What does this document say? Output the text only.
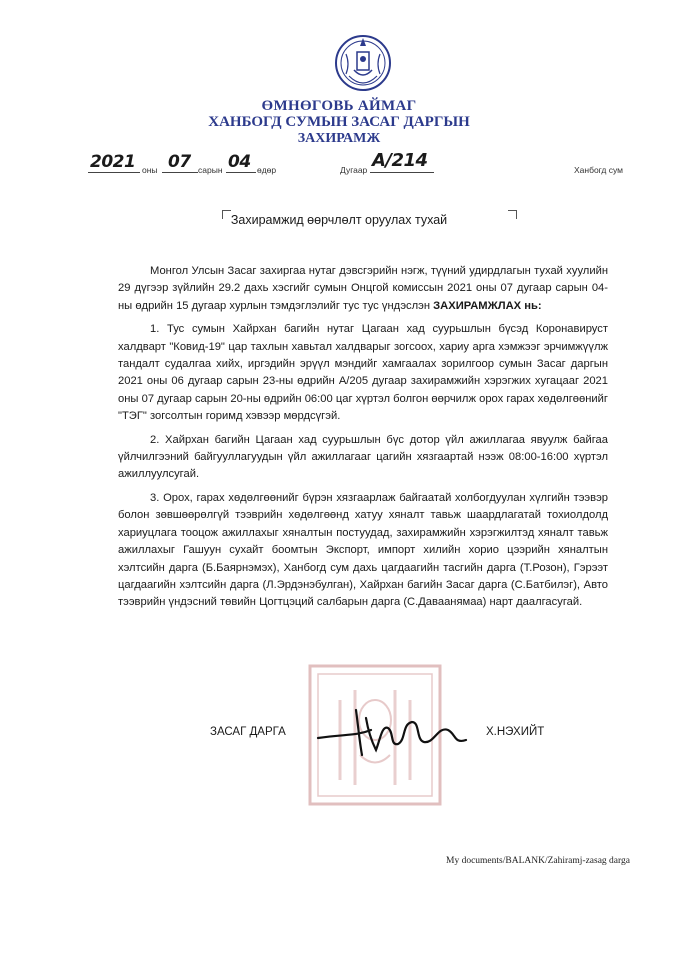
ӨМНӨГОВЬ АЙМАГ
ХАНБОГД СУМЫН ЗАСАГ ДАРГЫН
ЗАХИРАМЖ
2021 оны 07 сарын 04 өдөр	Дугаар A/214	Ханбогд сум
Захирамжид өөрчлөлт оруулах тухай

Монгол Улсын Засаг захиргаа нутаг дэвсгэрийн нэгж, түүний удирдлагын тухай хуулийн 29 дүгээр зүйлийн 29.2 дахь хэсгийг сумын Онцгой комиссын 2021 оны 07 дугаар сарын 04-ны өдрийн 15 дугаар хурлын тэмдэглэлийг тус тус үндэслэн ЗАХИРАМЖЛАХ нь:

1. Тус сумын Хайрхан багийн нутаг Цагаан хад суурьшлын бүсэд Коронавируст халдварт "Ковид-19" цар тахлын хавьтал халдварыг зогсоох, хариу арга хэмжээг эрчимжүүлж тандалт судалгаа хийх, иргэдийн эрүүл мэндийг хамгаалах зорилгоор сумын Засаг даргын 2021 оны 06 дугаар сарын 23-ны өдрийн А/205 дугаар захирамжийн хэрэгжих хугацааг 2021 оны 07 дугаар сарын 20-ны өдрийн 06:00 цаг хүртэл болгон өөрчилж орох гарах хөдөлгөөнийг "ТЭГ" зогсолтын горимд хэвээр мөрдсүгэй.

2. Хайрхан багийн Цагаан хад суурьшлын бүс дотор үйл ажиллагаа явуулж байгаа үйлчилгээний байгууллагуудын үйл ажиллагааг цагийн хязгаартай нээж 08:00-16:00 хүртэл ажиллуулсугай.

3. Орох, гарах хөдөлгөөнийг бүрэн хязгаарлаж байгаатай холбогдуулан хүлгийн тээвэр болон зөвшөөрөлгүй тээврийн хөдөлгөөнд хатуу хяналт тавьж шаардлагатай тохиолдолд хариуцлага тооцож ажиллахыг хяналтын постуудад, захирамжийн хэрэгжилтэд хяналт тавьж ажиллахыг Гашуун сухайт боомтын Экспорт, импорт хилийн хорио цээрийн хяналтын хэлтсийн дарга (Б.Баярнэмэх), Ханбогд сум дахь цагдаагийн тасгийн дарга (Т.Розон), Гэрээт цагдаагийн хэлтсийн дарга (Л.Эрдэнэбулган), Хайрхан багийн Засаг дарга (С.Батбилэг), Авто тээврийн үндэсний төвийн Цогтцэций салбарын дарга (С.Даваанямаа) нарт даалгасугай.

ЗАСАГ ДАРГА	Х.НЭХИЙТ
My documents/BALANK/Zahiramj-zasag darga
